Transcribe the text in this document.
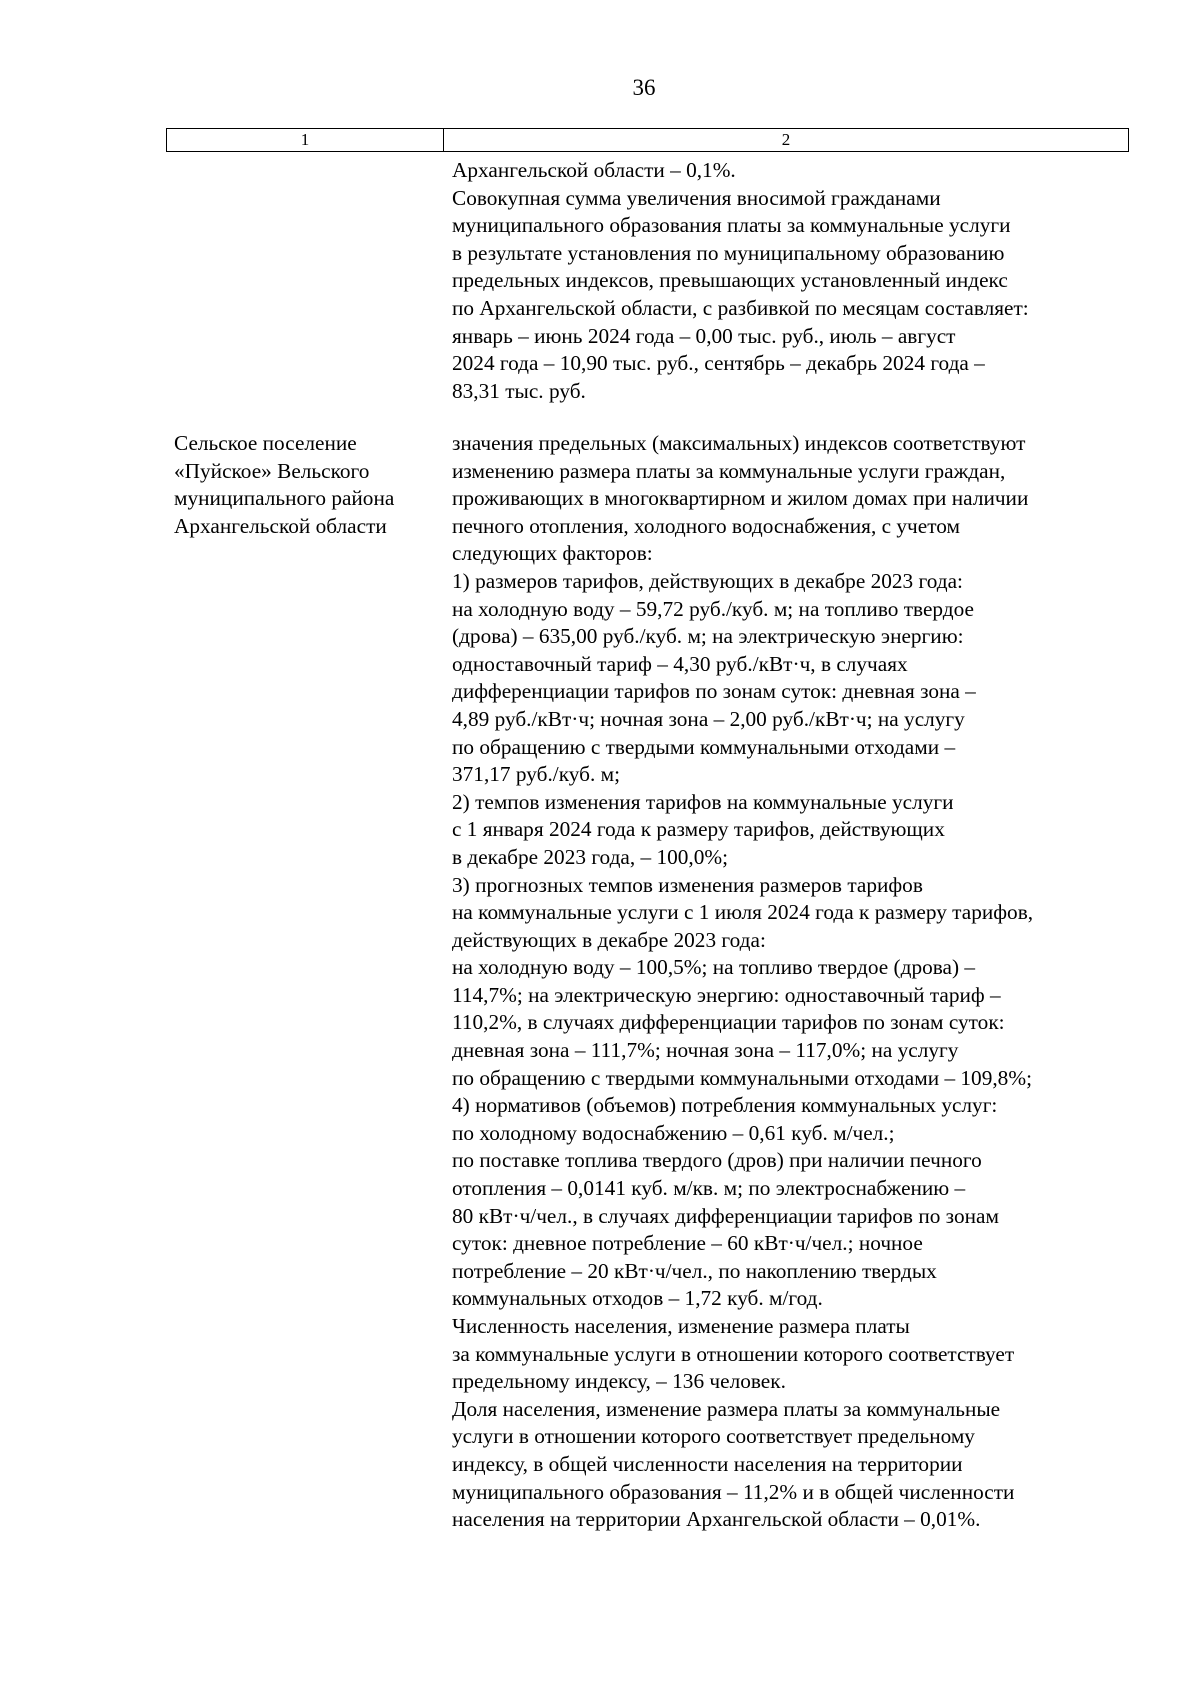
36
1	2
Архангельской области – 0,1%.
Совокупная сумма увеличения вносимой гражданами
муниципального образования платы за коммунальные услуги
в результате установления по муниципальному образованию
предельных индексов, превышающих установленный индекс
по Архангельской области, с разбивкой по месяцам составляет:
январь – июнь 2024 года – 0,00 тыс. руб., июль – август
2024 года – 10,90 тыс. руб., сентябрь – декабрь 2024 года –
83,31 тыс. руб.
Сельское поселение
«Пуйское» Вельского
муниципального района
Архангельской области
значения предельных (максимальных) индексов соответствуют
изменению размера платы за коммунальные услуги граждан,
проживающих в многоквартирном и жилом домах при наличии
печного отопления, холодного водоснабжения, с учетом
следующих факторов:
1) размеров тарифов, действующих в декабре 2023 года:
на холодную воду – 59,72 руб./куб. м; на топливо твердое
(дрова) – 635,00 руб./куб. м; на электрическую энергию:
одноставочный тариф – 4,30 руб./кВт·ч, в случаях
дифференциации тарифов по зонам суток: дневная зона –
4,89 руб./кВт·ч; ночная зона – 2,00 руб./кВт·ч; на услугу
по обращению с твердыми коммунальными отходами –
371,17 руб./куб. м;
2) темпов изменения тарифов на коммунальные услуги
с 1 января 2024 года к размеру тарифов, действующих
в декабре 2023 года, – 100,0%;
3) прогнозных темпов изменения размеров тарифов
на коммунальные услуги с 1 июля 2024 года к размеру тарифов,
действующих в декабре 2023 года:
на холодную воду – 100,5%; на топливо твердое (дрова) –
114,7%; на электрическую энергию: одноставочный тариф –
110,2%, в случаях дифференциации тарифов по зонам суток:
дневная зона – 111,7%; ночная зона – 117,0%; на услугу
по обращению с твердыми коммунальными отходами – 109,8%;
4) нормативов (объемов) потребления коммунальных услуг:
по холодному водоснабжению – 0,61 куб. м/чел.;
по поставке топлива твердого (дров) при наличии печного
отопления – 0,0141 куб. м/кв. м; по электроснабжению –
80 кВт·ч/чел., в случаях дифференциации тарифов по зонам
суток: дневное потребление – 60 кВт·ч/чел.; ночное
потребление – 20 кВт·ч/чел., по накоплению твердых
коммунальных отходов – 1,72 куб. м/год.
Численность населения, изменение размера платы
за коммунальные услуги в отношении которого соответствует
предельному индексу, – 136 человек.
Доля населения, изменение размера платы за коммунальные
услуги в отношении которого соответствует предельному
индексу, в общей численности населения на территории
муниципального образования – 11,2% и в общей численности
населения на территории Архангельской области – 0,01%.
